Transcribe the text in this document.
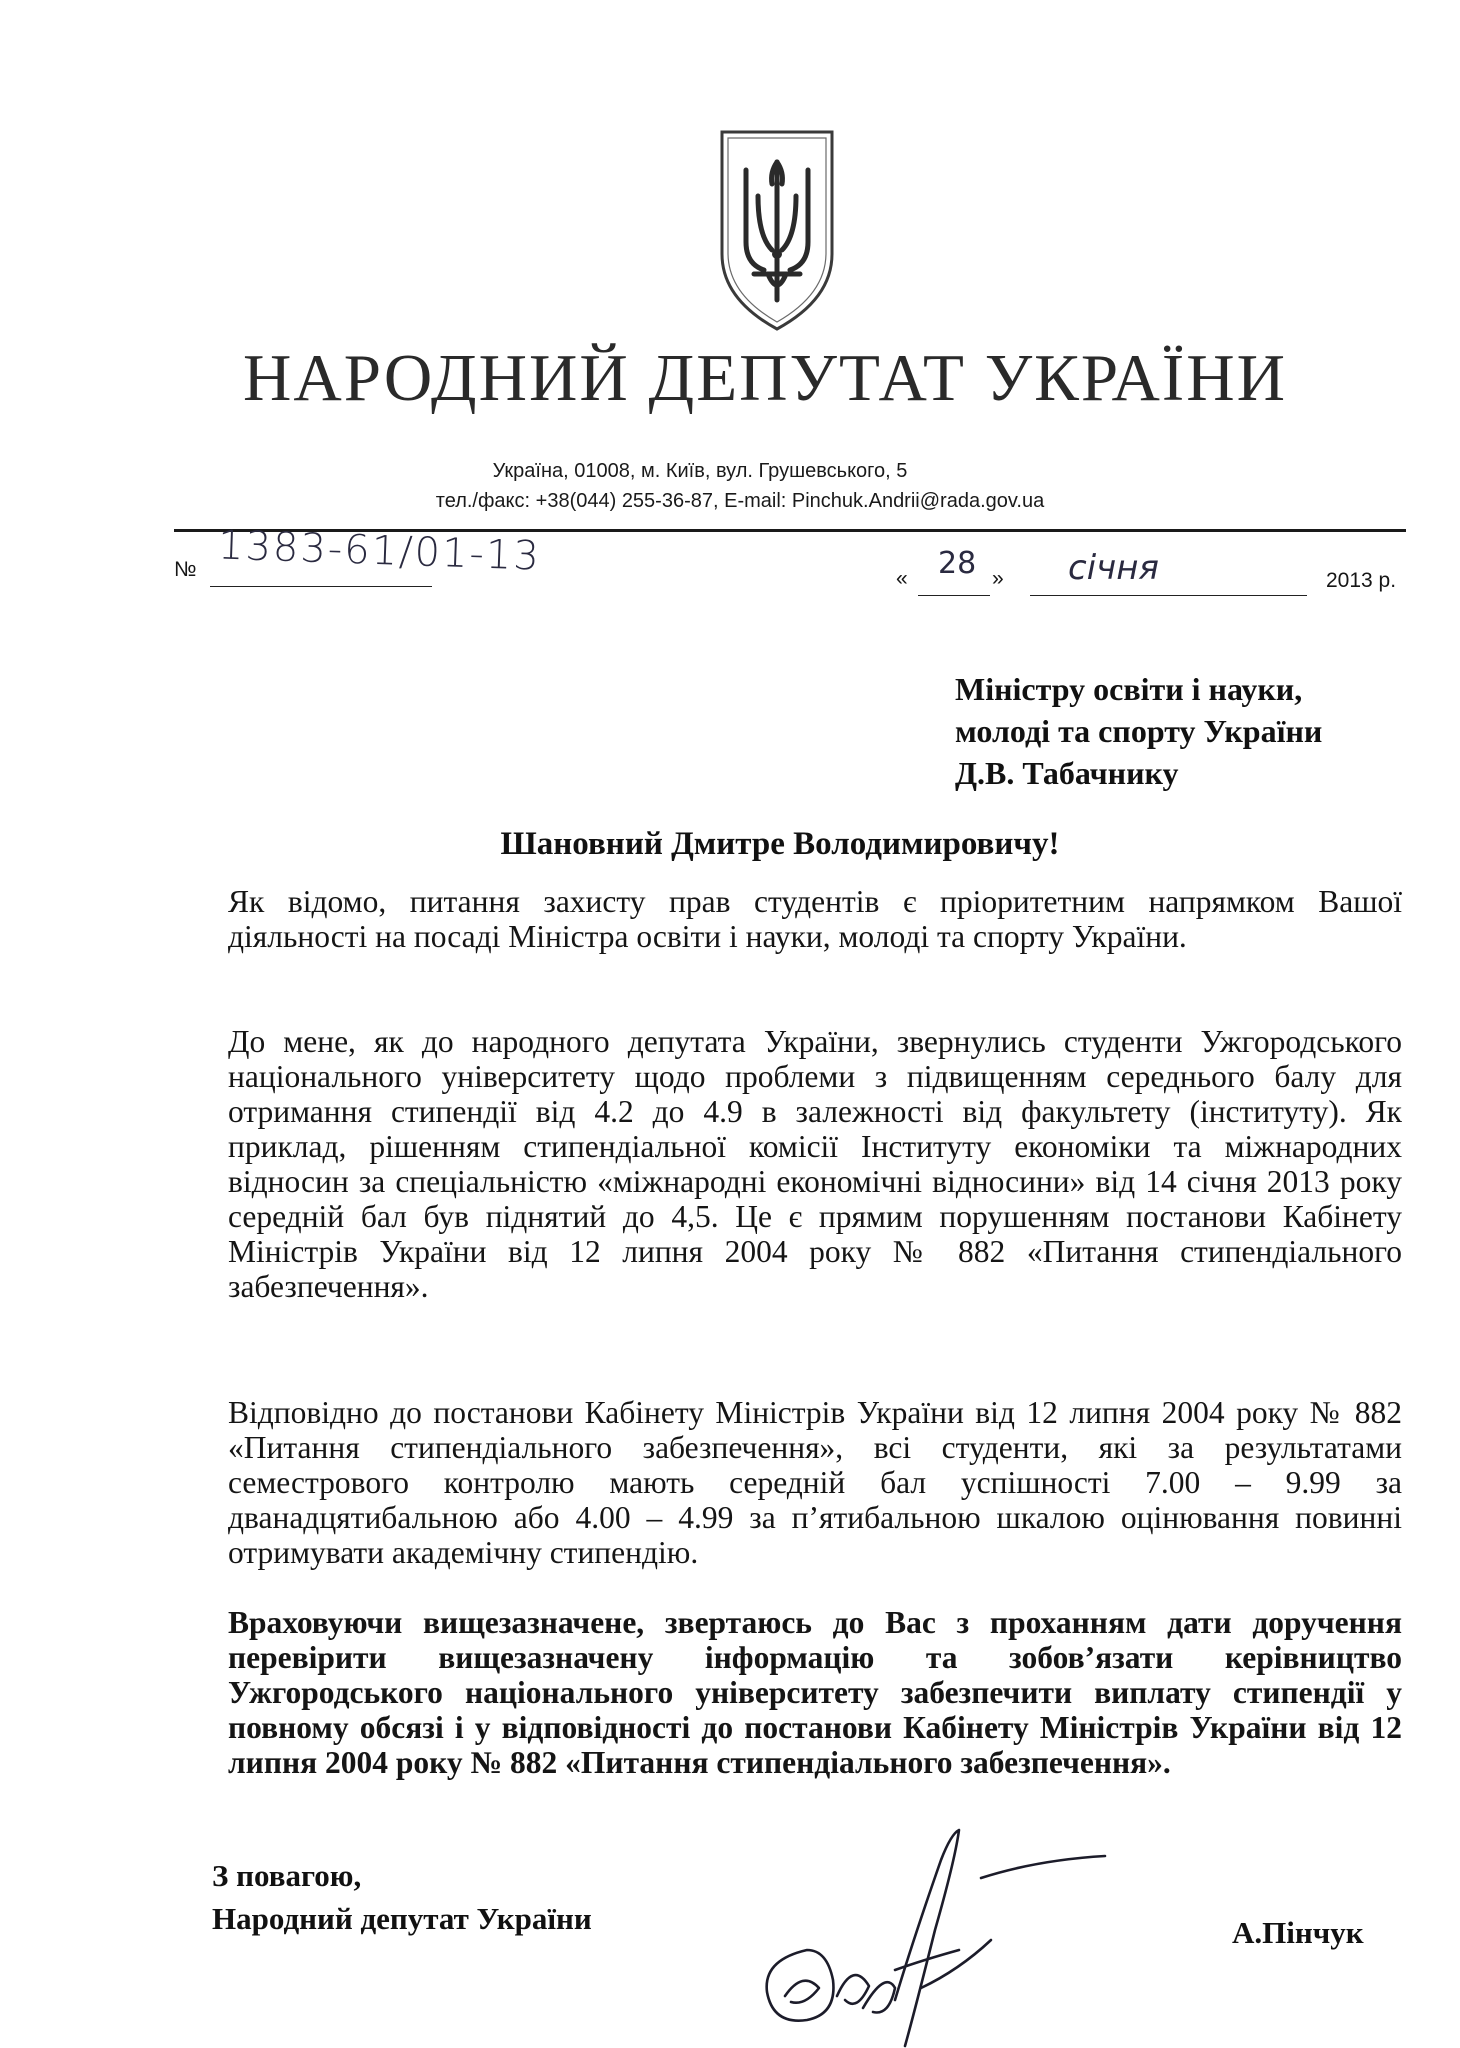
НАРОДНИЙ ДЕПУТАТ УКРАЇНИ
Україна, 01008, м. Київ, вул. Грушевського, 5
тел./факс: +38(044) 255-36-87, E-mail: Pinchuk.Andrii@rada.gov.ua
№ 1383-61/01-13	« 28 » січня	2013 р.
Міністру освіти і науки,
молоді та спорту України
Д.В. Табачнику
Шановний Дмитре Володимировичу!
Як відомо, питання захисту прав студентів є пріоритетним напрямком Вашої діяльності на посаді Міністра освіти і науки, молоді та спорту України.
До мене, як до народного депутата України, звернулись студенти Ужгородського національного університету щодо проблеми з підвищенням середнього балу для отримання стипендії від 4.2 до 4.9 в залежності від факультету (інституту). Як приклад, рішенням стипендіальної комісії Інституту економіки та міжнародних відносин за спеціальністю «міжнародні економічні відносини» від 14 січня 2013 року середній бал був піднятий до 4,5. Це є прямим порушенням постанови Кабінету Міністрів України від 12 липня 2004 року № 882 «Питання стипендіального забезпечення».
Відповідно до постанови Кабінету Міністрів України від 12 липня 2004 року № 882 «Питання стипендіального забезпечення», всі студенти, які за результатами семестрового контролю мають середній бал успішності 7.00 – 9.99 за дванадцятибальною або 4.00 – 4.99 за п’ятибальною шкалою оцінювання повинні отримувати академічну стипендію.
Враховуючи вищезазначене, звертаюсь до Вас з проханням дати доручення перевірити вищезазначену інформацію та зобов’язати керівництво Ужгородського національного університету забезпечити виплату стипендії у повному обсязі і у відповідності до постанови Кабінету Міністрів України від 12 липня 2004 року № 882 «Питання стипендіального забезпечення».
З повагою,
Народний депутат України	А.Пінчук
